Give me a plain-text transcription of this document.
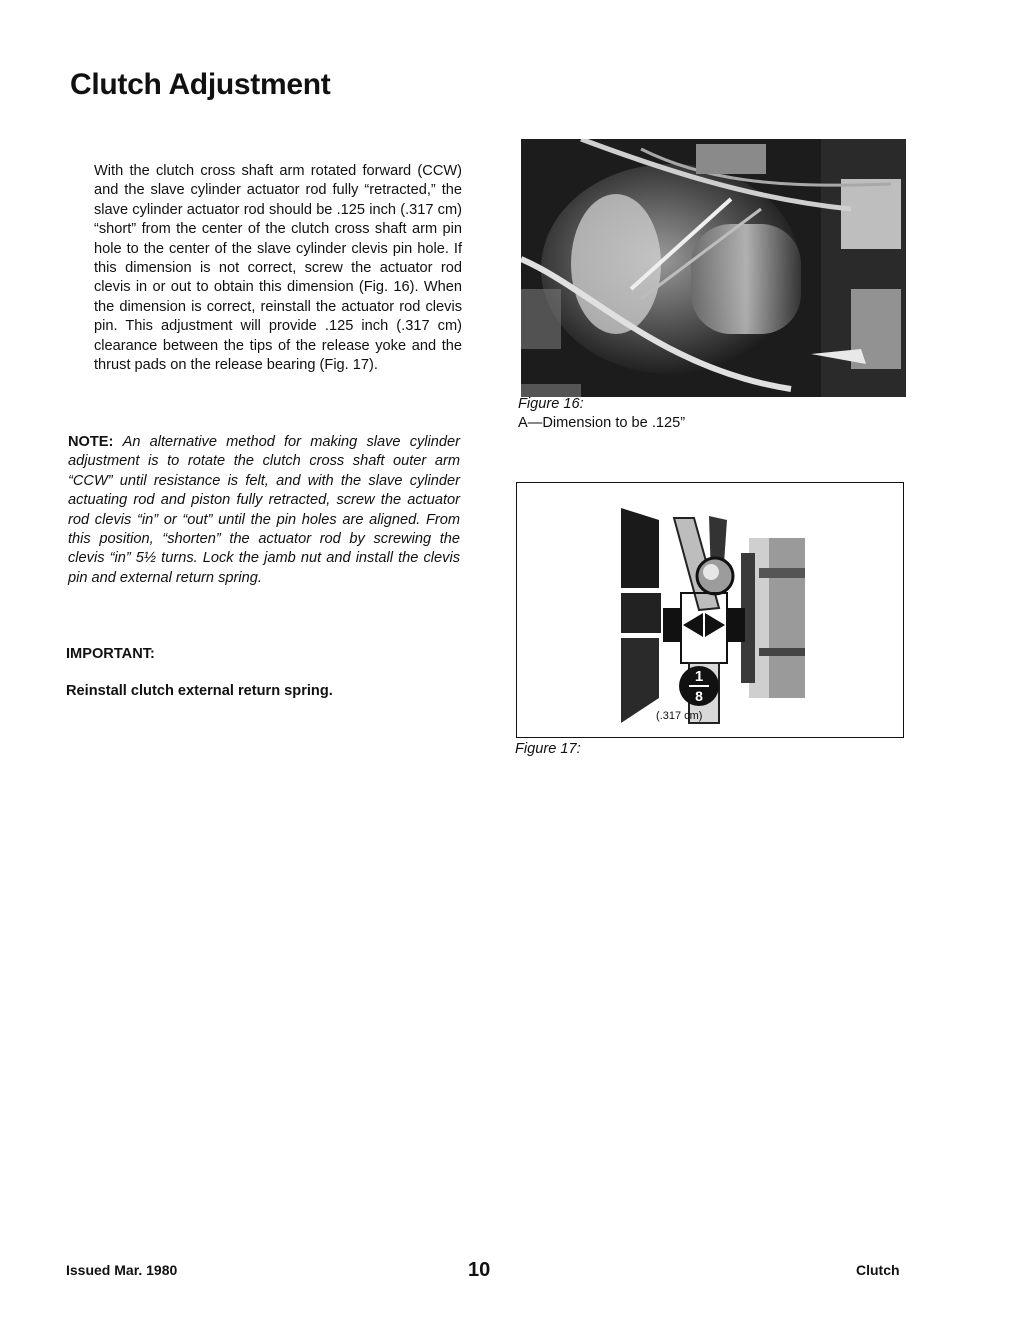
Clutch Adjustment

With the clutch cross shaft arm rotated forward (CCW) and the slave cylinder actuator rod fully “retracted,” the slave cylinder actuator rod should be .125 inch (.317 cm) “short” from the center of the clutch cross shaft arm pin hole to the center of the slave cylinder clevis pin hole. If this dimension is not correct, screw the actuator rod clevis in or out to obtain this dimension (Fig. 16). When the dimension is correct, reinstall the actuator rod clevis pin. This adjustment will provide .125 inch (.317 cm) clearance between the tips of the release yoke and the thrust pads on the release bearing (Fig. 17).

NOTE: An alternative method for making slave cylinder adjustment is to rotate the clutch cross shaft outer arm “CCW” until resistance is felt, and with the slave cylinder actuating rod and piston fully retracted, screw the actuator rod clevis “in” or “out” until the pin holes are aligned. From this position, “shorten” the actuator rod by screwing the clevis “in” 5½ turns. Lock the jamb nut and install the clevis pin and external return spring.

IMPORTANT:

Reinstall clutch external return spring.

Figure 16:

A—Dimension to be .125”

1
8

(.317 cm)

Figure 17:

Issued Mar. 1980	10	Clutch
